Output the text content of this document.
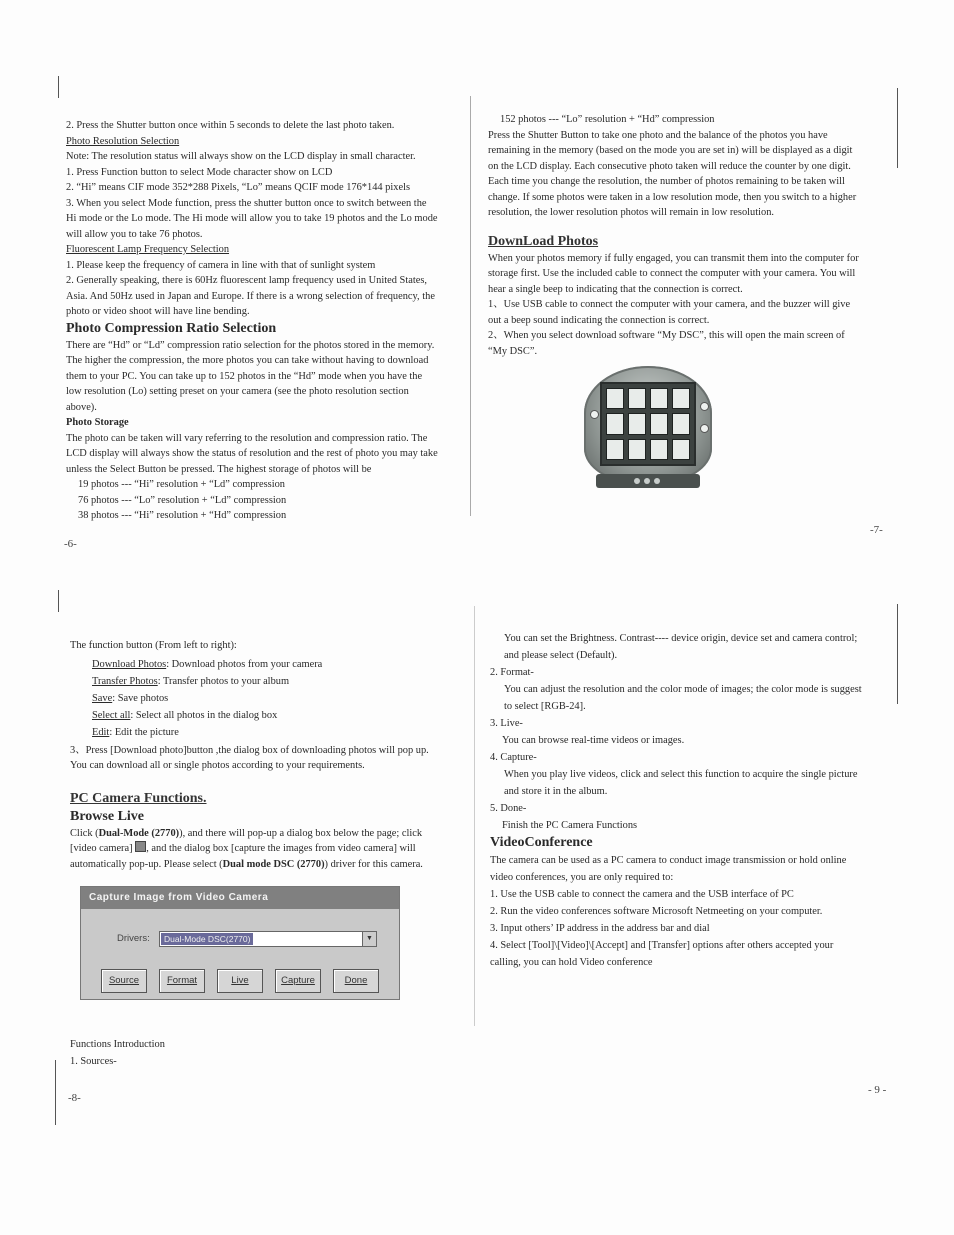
2. Press the Shutter button once within 5 seconds to delete the last photo taken.

Photo Resolution Selection

Note: The resolution status will always show on the LCD display in small character.

1. Press Function button to select Mode character show on LCD

2. “Hi” means CIF mode 352*288 Pixels, “Lo” means QCIF mode 176*144 pixels

3. When you select Mode function, press the shutter button once to switch between the

Hi mode or the Lo mode. The Hi mode will allow you to take 19 photos and the Lo mode

will allow you to take 76 photos.

Fluorescent Lamp Frequency Selection

1. Please keep the frequency of camera in line with that of sunlight system

2. Generally speaking, there is 60Hz fluorescent lamp frequency used in United States,

Asia. And 50Hz used in Japan and Europe. If there is a wrong selection of frequency, the

photo or video shoot will have line bending.

Photo Compression Ratio Selection

There are “Hd” or “Ld” compression ratio selection for the photos stored in the memory.

The higher the compression, the more photos you can take without having to download

them to your PC. You can take up to 152 photos in the “Hd” mode when you have the

low resolution (Lo) setting preset on your camera (see the photo resolution section

above).

Photo Storage

The photo can be taken will vary referring to the resolution and compression ratio. The

LCD display will always show the status of resolution and the rest of photo you may take

unless the Select Button be pressed. The highest storage of photos will be

19 photos --- “Hi” resolution + “Ld” compression

76 photos --- “Lo” resolution + “Ld” compression

38 photos --- “Hi” resolution + “Hd” compression

-6-

152 photos --- “Lo” resolution + “Hd” compression

Press the Shutter Button to take one photo and the balance of the photos you have

remaining in the memory (based on the mode you are set in) will be displayed as a digit

on the LCD display. Each consecutive photo taken will reduce the counter by one digit.

Each time you change the resolution, the number of photos remaining to be taken will

change. If some photos were taken in a low resolution mode, then you switch to a higher

resolution, the lower resolution photos will remain in low resolution.

DownLoad Photos

When your photos memory if fully engaged, you can transmit them into the computer for

storage first. Use the included cable to connect the computer with your camera. You will

hear a single beep to indicating that the connection is correct.

1、Use USB cable to connect the computer with your camera, and the buzzer will give

out a beep sound indicating the connection is correct.

2、When you select download software “My DSC”, this will open the main screen of

“My DSC”.

-7-

The function button (From left to right):

Download Photos: Download photos from your camera

Transfer Photos: Transfer photos to your album

Save: Save photos

Select all: Select all photos in the dialog box

Edit: Edit the picture

3、Press [Download photo]button ,the dialog box of downloading photos will pop up.

You can download all or single photos according to your requirements.

PC Camera Functions.

Browse Live

Click (Dual-Mode (2770)), and there will pop-up a dialog box below the page; click

[video camera] , and the dialog box [capture the images from video camera] will

automatically pop-up. Please select (Dual mode DSC (2770)) driver for this camera.

Capture Image from Video Camera
Drivers:	Dual-Mode DSC(2770)	▼
Source	Format	Live	Capture	Done

Functions Introduction

1. Sources-

-8-

You can set the Brightness. Contrast---- device origin, device set and camera control;

and please select (Default).

2. Format-

You can adjust the resolution and the color mode of images; the color mode is suggest

to select [RGB-24].

3. Live-

You can browse real-time videos or images.

4. Capture-

When you play live videos, click and select this function to acquire the single picture

and store it in the album.

5. Done-

Finish the PC Camera Functions

VideoConference

The camera can be used as a PC camera to conduct image transmission or hold online

video conferences, you are only required to:

1. Use the USB cable to connect the camera and the USB interface of PC

2. Run the video conferences software Microsoft Netmeeting on your computer.

3. Input others’ IP address in the address bar and dial

4. Select [Tool]\[Video]\[Accept] and [Transfer] options after others accepted your

calling, you can hold Video conference

- 9 -
